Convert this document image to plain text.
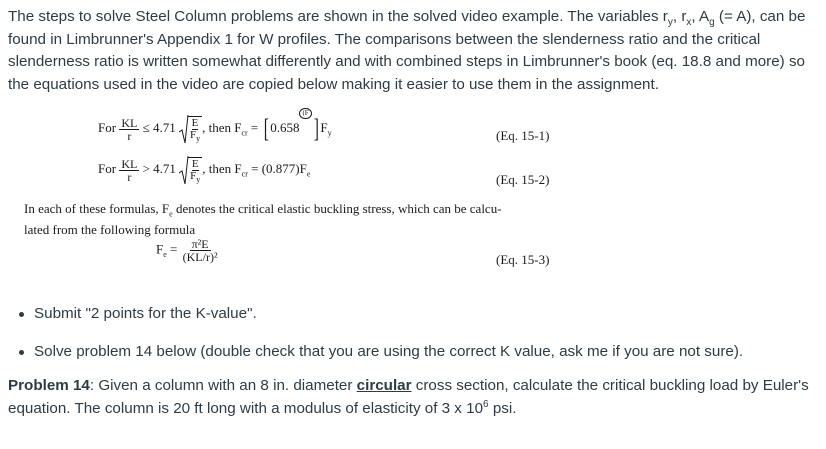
The steps to solve Steel Column problems are shown in the solved video example. The variables $r_y$, $r_x$, $A_g$ (= A), can be found in Limbrunner's Appendix 1 for W profiles. The comparisons between the slenderness ratio and the critical slenderness ratio is written somewhat differently and with combined steps in Limbrunner's book (eq. 18.8 and more) so the equations used in the video are copied below making it easier to use them in the assignment.

For $\frac{KL}{r} \le 4.71 \frac{E}{F_y}$ , then $F_{cr}$ = [ 0.658(F] $F_y$	(Eq. 15-1)
For $\frac{KL}{r} > 4.71 \frac{E}{F_y}$ , then $F_{cr} = (0.877)F_e$	(Eq. 15-2)
In each of these formulas, $F_e$ denotes the critical elastic buckling stress, which can be calcu-
lated from the following formula
$F_e = \frac{\text{π²E}}{\text{(KL/r)²}}$	(Eq. 15-3)
Submit "2 points for the K-value".
Solve problem 14 below (double check that you are using the correct K value, ask me if you are not sure).

Problem 14: Given a column with an 8 in. diameter circular cross section, calculate the critical buckling load by Euler's equation. The column is 20 ft long with a modulus of elasticity of 3 x $10^6$ psi.
